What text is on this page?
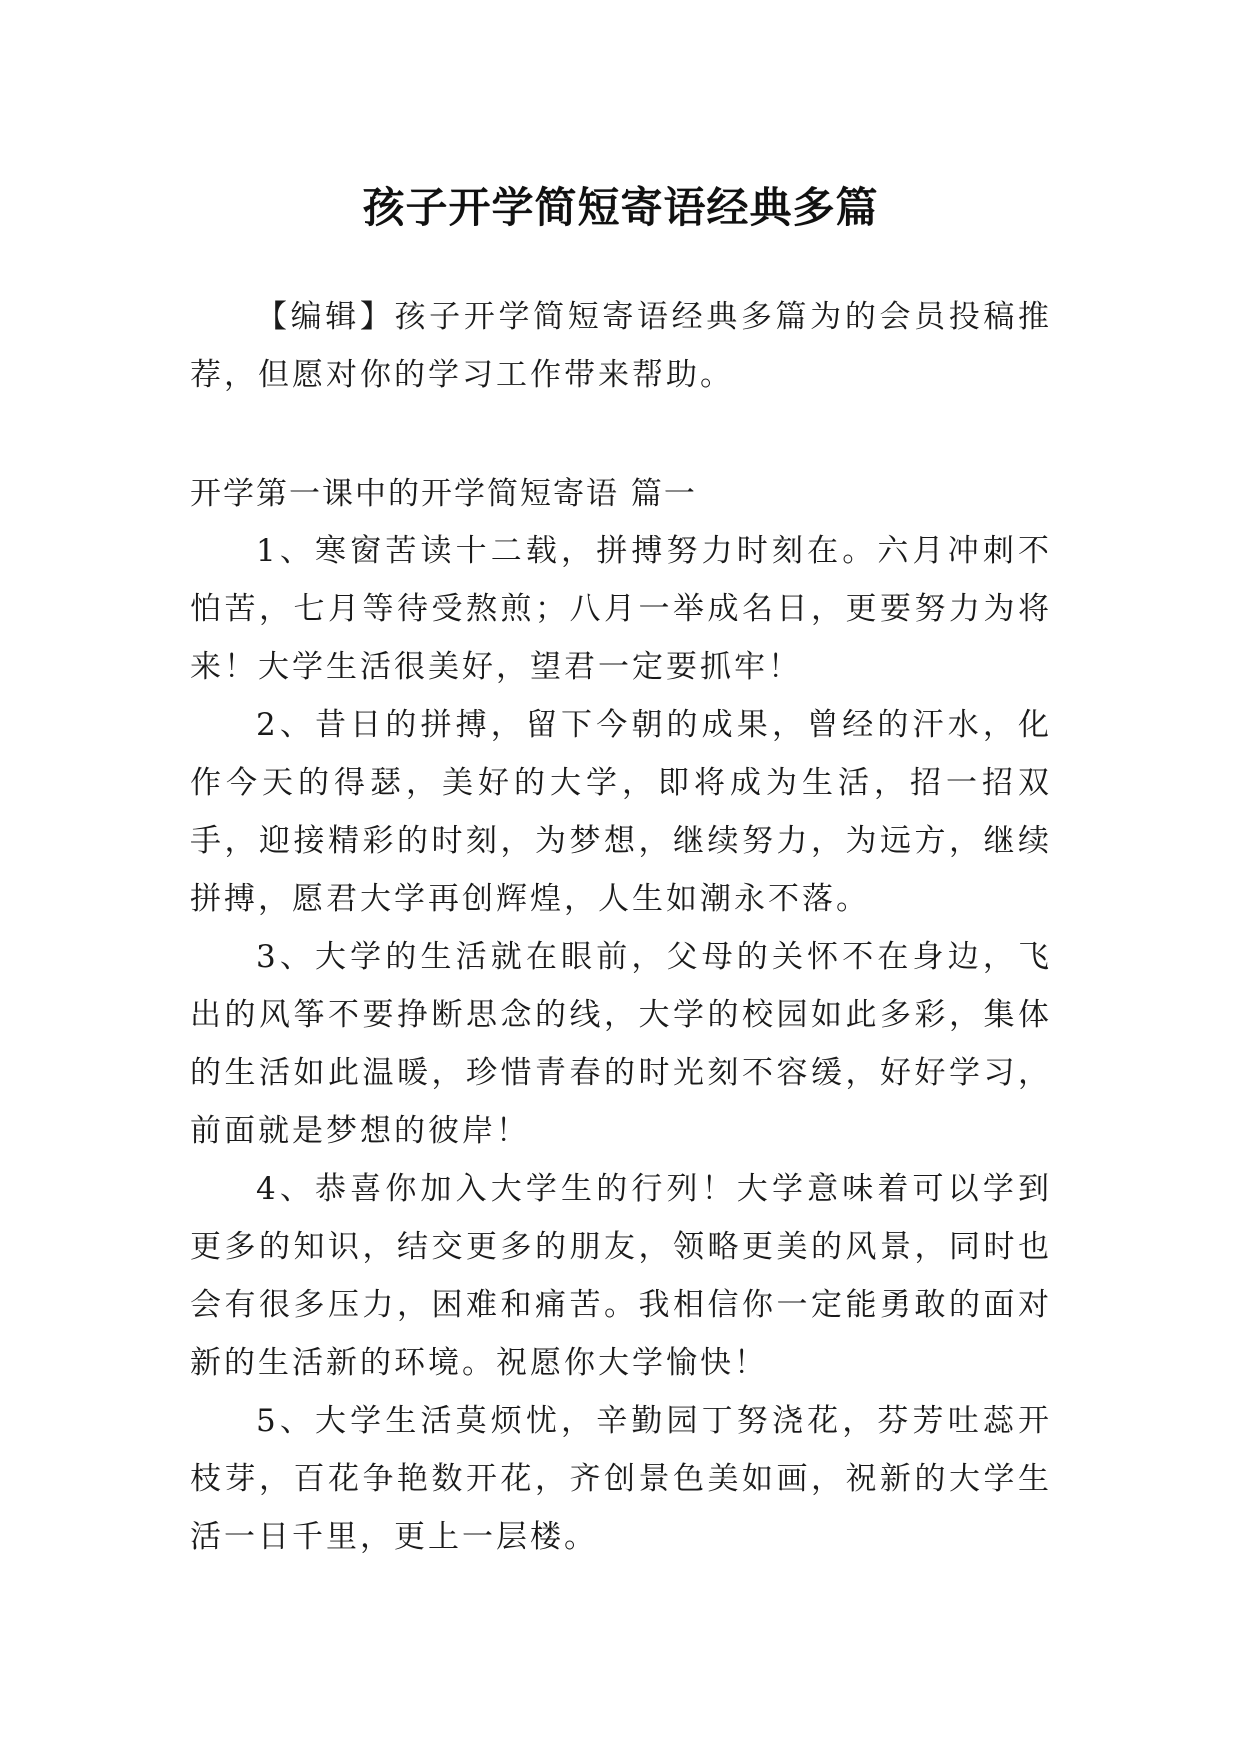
孩子开学简短寄语经典多篇

【编辑】孩子开学简短寄语经典多篇为的会员投稿推荐，但愿对你的学习工作带来帮助。

开学第一课中的开学简短寄语 篇一

1、寒窗苦读十二载，拼搏努力时刻在。六月冲刺不怕苦，七月等待受熬煎；八月一举成名日，更要努力为将来！大学生活很美好，望君一定要抓牢！

2、昔日的拼搏，留下今朝的成果，曾经的汗水，化作今天的得瑟，美好的大学，即将成为生活，招一招双手，迎接精彩的时刻，为梦想，继续努力，为远方，继续拼搏，愿君大学再创辉煌，人生如潮永不落。

3、大学的生活就在眼前，父母的关怀不在身边，飞出的风筝不要挣断思念的线，大学的校园如此多彩，集体的生活如此温暖，珍惜青春的时光刻不容缓，好好学习，前面就是梦想的彼岸！

4、恭喜你加入大学生的行列！大学意味着可以学到更多的知识，结交更多的朋友，领略更美的风景，同时也会有很多压力，困难和痛苦。我相信你一定能勇敢的面对新的生活新的环境。祝愿你大学愉快！

5、大学生活莫烦忧，辛勤园丁努浇花，芬芳吐蕊开枝芽，百花争艳数开花，齐创景色美如画，祝新的大学生活一日千里，更上一层楼。
